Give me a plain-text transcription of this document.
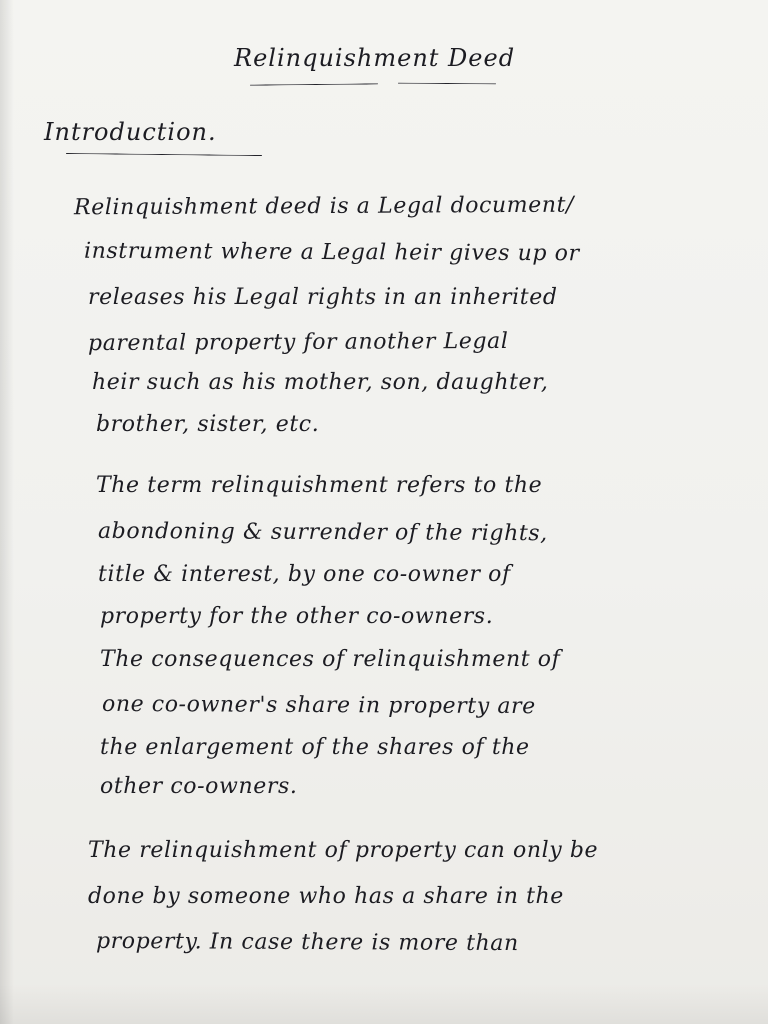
Relinquishment Deed

Introduction.

Relinquishment deed is a Legal document/

instrument where a Legal heir gives up or

releases his Legal rights in an inherited

parental property for another Legal

heir such as his mother, son, daughter,

brother, sister, etc.

The term relinquishment refers to the

abondoning & surrender of the rights,

title & interest, by one co-owner of

property for the other co-owners.

The consequences of relinquishment of

one co-owner's share in property are

the enlargement of the shares of the

other co-owners.

The relinquishment of property can only be

done by someone who has a share in the

property. In case there is more than
